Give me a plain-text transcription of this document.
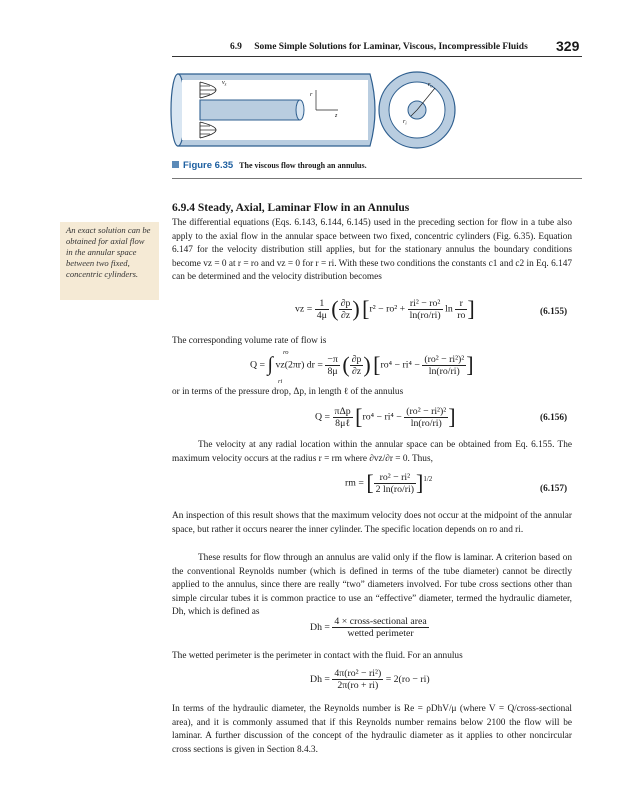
6.9 Some Simple Solutions for Laminar, Viscous, Incompressible Fluids 329
$v_z$
r
z
$r_o$
$r_i$
Figure 6.35 The viscous flow through an annulus.
6.9.4 Steady, Axial, Laminar Flow in an Annulus
An exact solution can be obtained for axial flow in the annular space between two fixed, concentric cylinders.
The differential equations (Eqs. 6.143, 6.144, 6.145) used in the preceding section for flow in a tube also apply to the axial flow in the annular space between two fixed, concentric cylinders (Fig. 6.35). Equation 6.147 for the velocity distribution still applies, but for the stationary annulus the boundary conditions become vz = 0 at r = ro and vz = 0 for r = ri. With these two conditions the constants c1 and c2 in Eq. 6.147 can be determined and the velocity distribution becomes
vz = $\frac{1}{4\mu}$ ( $\frac{\partial p}{\partial z}$ ) [$r^2 - ro^2 + \frac{\text{ri² − ro²}}{\ln(ro/ri)}$ $\ln \frac{r}{ro}$ ]	(6.155)
The corresponding volume rate of flow is
Q = ∫ vz(2πr) dr = $\frac{-\pi}{8\mu}$ ( $\frac{\partial p}{\partial z}$ ) [$ro^4 - ri^4 - \frac{\text{(ro² − ri²)²}}{\ln(ro/ri)}$ ]
ro
ri
or in terms of the pressure drop, Δp, in length ℓ of the annulus
$Q = \frac{\text{πΔp}}{\text{8μℓ}} [ro^4 - ri^4 - \frac{\text{(ro² − ri²)²}}{\ln(ro/ri)}$ ]	(6.156)
The velocity at any radial location within the annular space can be obtained from Eq. 6.155. The maximum velocity occurs at the radius r = rm where ∂vz/∂r = 0. Thus,
rm = [ $\frac{\text{ro² − ri²}}{2 \ln(ro/ri)} ]^{1/2}$
(6.157)
An inspection of this result shows that the maximum velocity does not occur at the midpoint of the annular space, but rather it occurs nearer the inner cylinder. The specific location depends on ro and ri.
These results for flow through an annulus are valid only if the flow is laminar. A criterion based on the conventional Reynolds number (which is defined in terms of the tube diameter) cannot be directly applied to the annulus, since there are really “two” diameters involved. For tube cross sections other than simple circular tubes it is common practice to use an “effective” diameter, termed the hydraulic diameter, Dh, which is defined as
$Dh = \frac{\text{4 × cross-sectional area}}{\text{wetted perimeter}}$
The wetted perimeter is the perimeter in contact with the fluid. For an annulus
$Dh = \frac{\text{4π(ro² − ri²)}}{2\pi(ro + ri)} = 2(ro - ri)$
In terms of the hydraulic diameter, the Reynolds number is Re = ρDhV/μ (where V = Q/cross-sectional area), and it is commonly assumed that if this Reynolds number remains below 2100 the flow will be laminar. A further discussion of the concept of the hydraulic diameter as it applies to other noncircular cross sections is given in Section 8.4.3.
